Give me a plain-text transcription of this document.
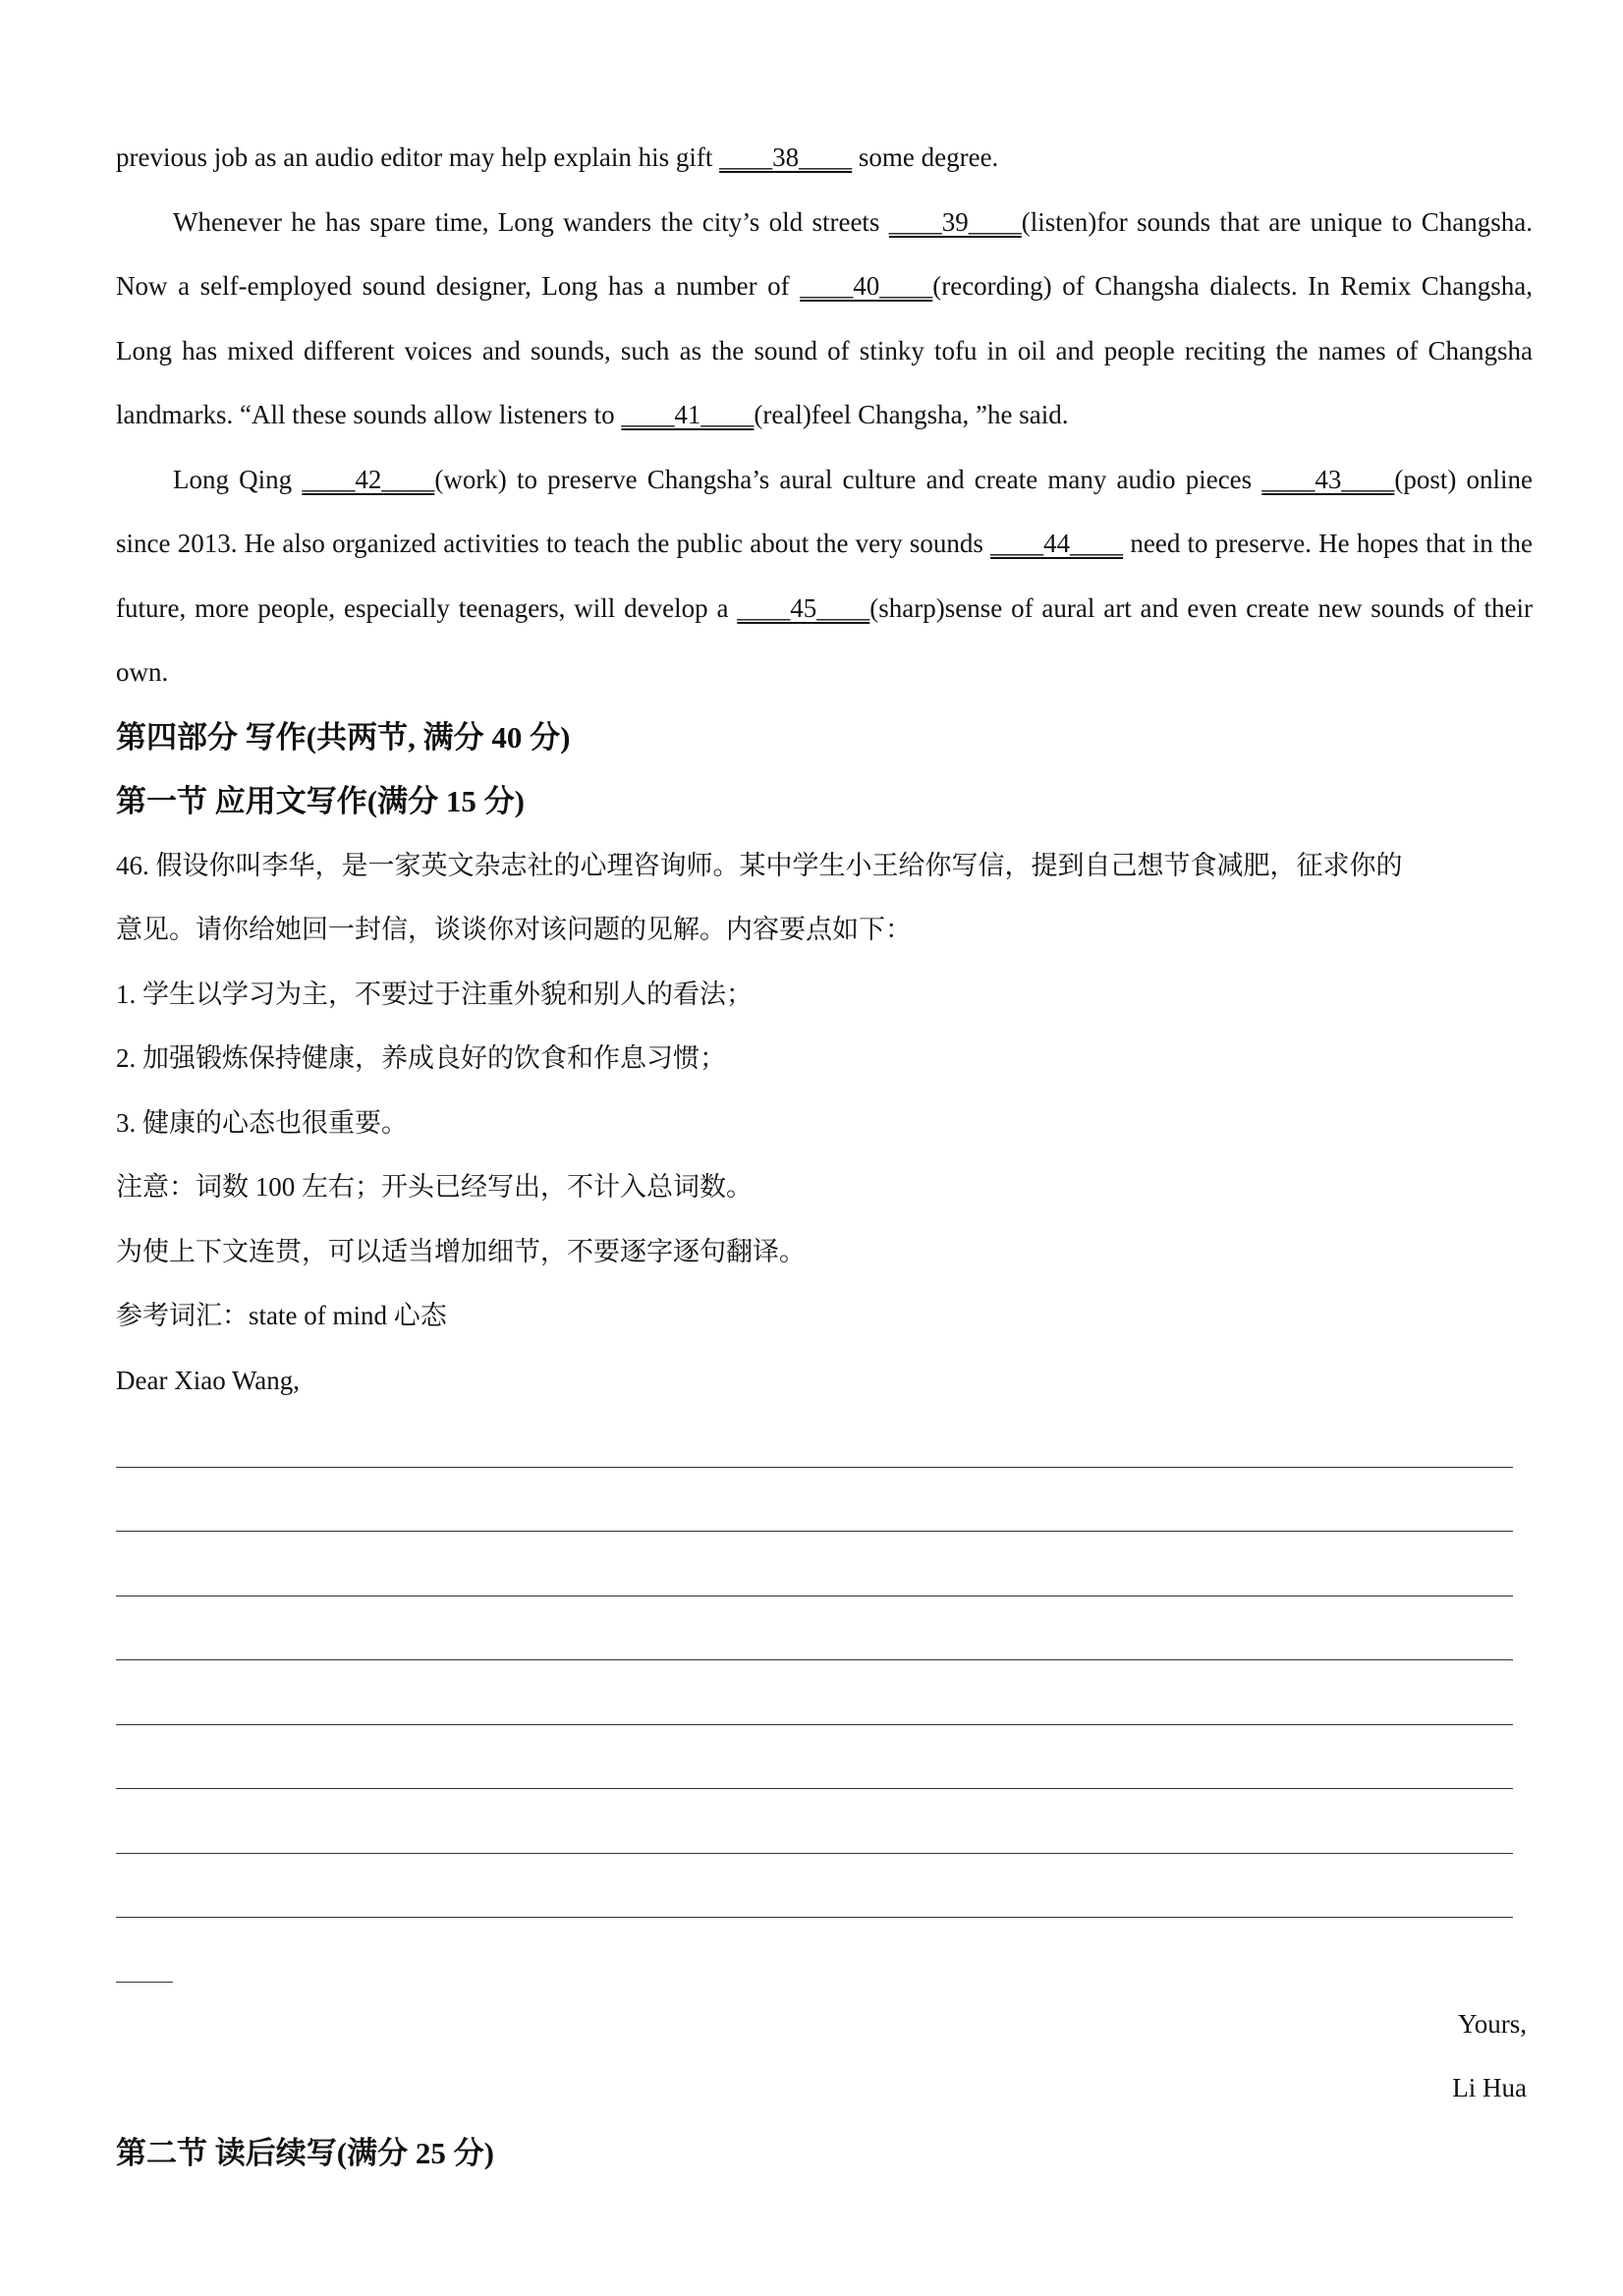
previous job as an audio editor may help explain his gift ____38____ some degree.

Whenever he has spare time, Long wanders the city’s old streets ____39____(listen)for sounds that are unique to Changsha. Now a self-employed sound designer, Long has a number of ____40____(recording) of Changsha dialects. In Remix Changsha, Long has mixed different voices and sounds, such as the sound of stinky tofu in oil and people reciting the names of Changsha landmarks. “All these sounds allow listeners to ____41____(real)feel Changsha, ”he said.

Long Qing ____42____(work) to preserve Changsha’s aural culture and create many audio pieces ____43____(post) online since 2013. He also organized activities to teach the public about the very sounds ____44____ need to preserve. He hopes that in the future, more people, especially teenagers, will develop a ____45____(sharp)sense of aural art and even create new sounds of their own.

第四部分 写作(共两节, 满分 40 分)

第一节 应用文写作(满分 15 分)

46. 假设你叫李华，是一家英文杂志社的心理咨询师。某中学生小王给你写信，提到自己想节食减肥，征求你的

意见。请你给她回一封信，谈谈你对该问题的见解。内容要点如下：

1. 学生以学习为主，不要过于注重外貌和别人的看法；

2. 加强锻炼保持健康，养成良好的饮食和作息习惯；

3. 健康的心态也很重要。

注意：词数 100 左右；开头已经写出，不计入总词数。

为使上下文连贯，可以适当增加细节，不要逐字逐句翻译。

参考词汇：state of mind 心态

Dear Xiao Wang,

Yours,

Li Hua

第二节 读后续写(满分 25 分)
